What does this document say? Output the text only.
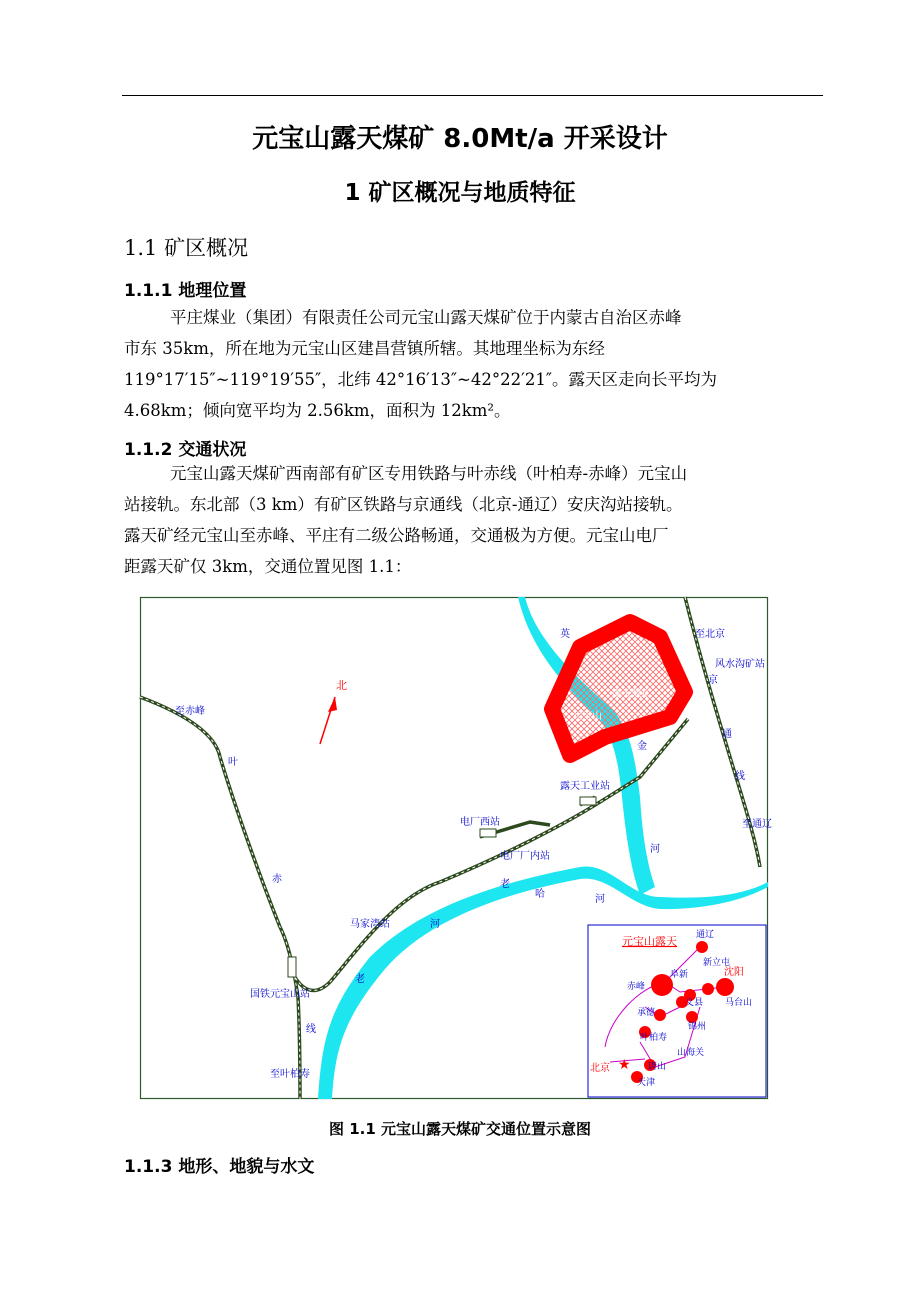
元宝山露天煤矿 8.0Mt/a 开采设计
1 矿区概况与地质特征
1.1 矿区概况
1.1.1 地理位置

平庄煤业（集团）有限责任公司元宝山露天煤矿位于内蒙古自治区赤峰
市东 35km，所在地为元宝山区建昌营镇所辖。其地理坐标为东经
119°17′15″~119°19′55″，北纬 42°16′13″~42°22′21″。露天区走向长平均为
4.68km；倾向宽平均为 2.56km，面积为 12km²。

1.1.2 交通状况

元宝山露天煤矿西南部有矿区专用铁路与叶赤线（叶柏寿-赤峰）元宝山
站接轨。东北部（3 km）有矿区铁路与京通线（北京-通辽）安庆沟站接轨。
露天矿经元宝山至赤峰、平庄有二级公路畅通，交通极为方便。元宝山电厂
距露天矿仅 3km，交通位置见图 1.1：

北
至赤峰
叶
赤
线
至叶柏寿
国铁元宝山站
马家湾站
电厂西站
电厂厂内站
露天工业站
老
老
哈
河
河
河
英
金
至北京
风水沟矿站
京
通
线
至通辽
元宝山
露天煤矿
元宝山露天
★
通辽
新立屯
阜新	沈阳
赤峰
义县 马台山
承德
锦州
叶柏寿
山海关
北京	唐山
天津
图 1.1 元宝山露天煤矿交通位置示意图
1.1.3 地形、地貌与水文
